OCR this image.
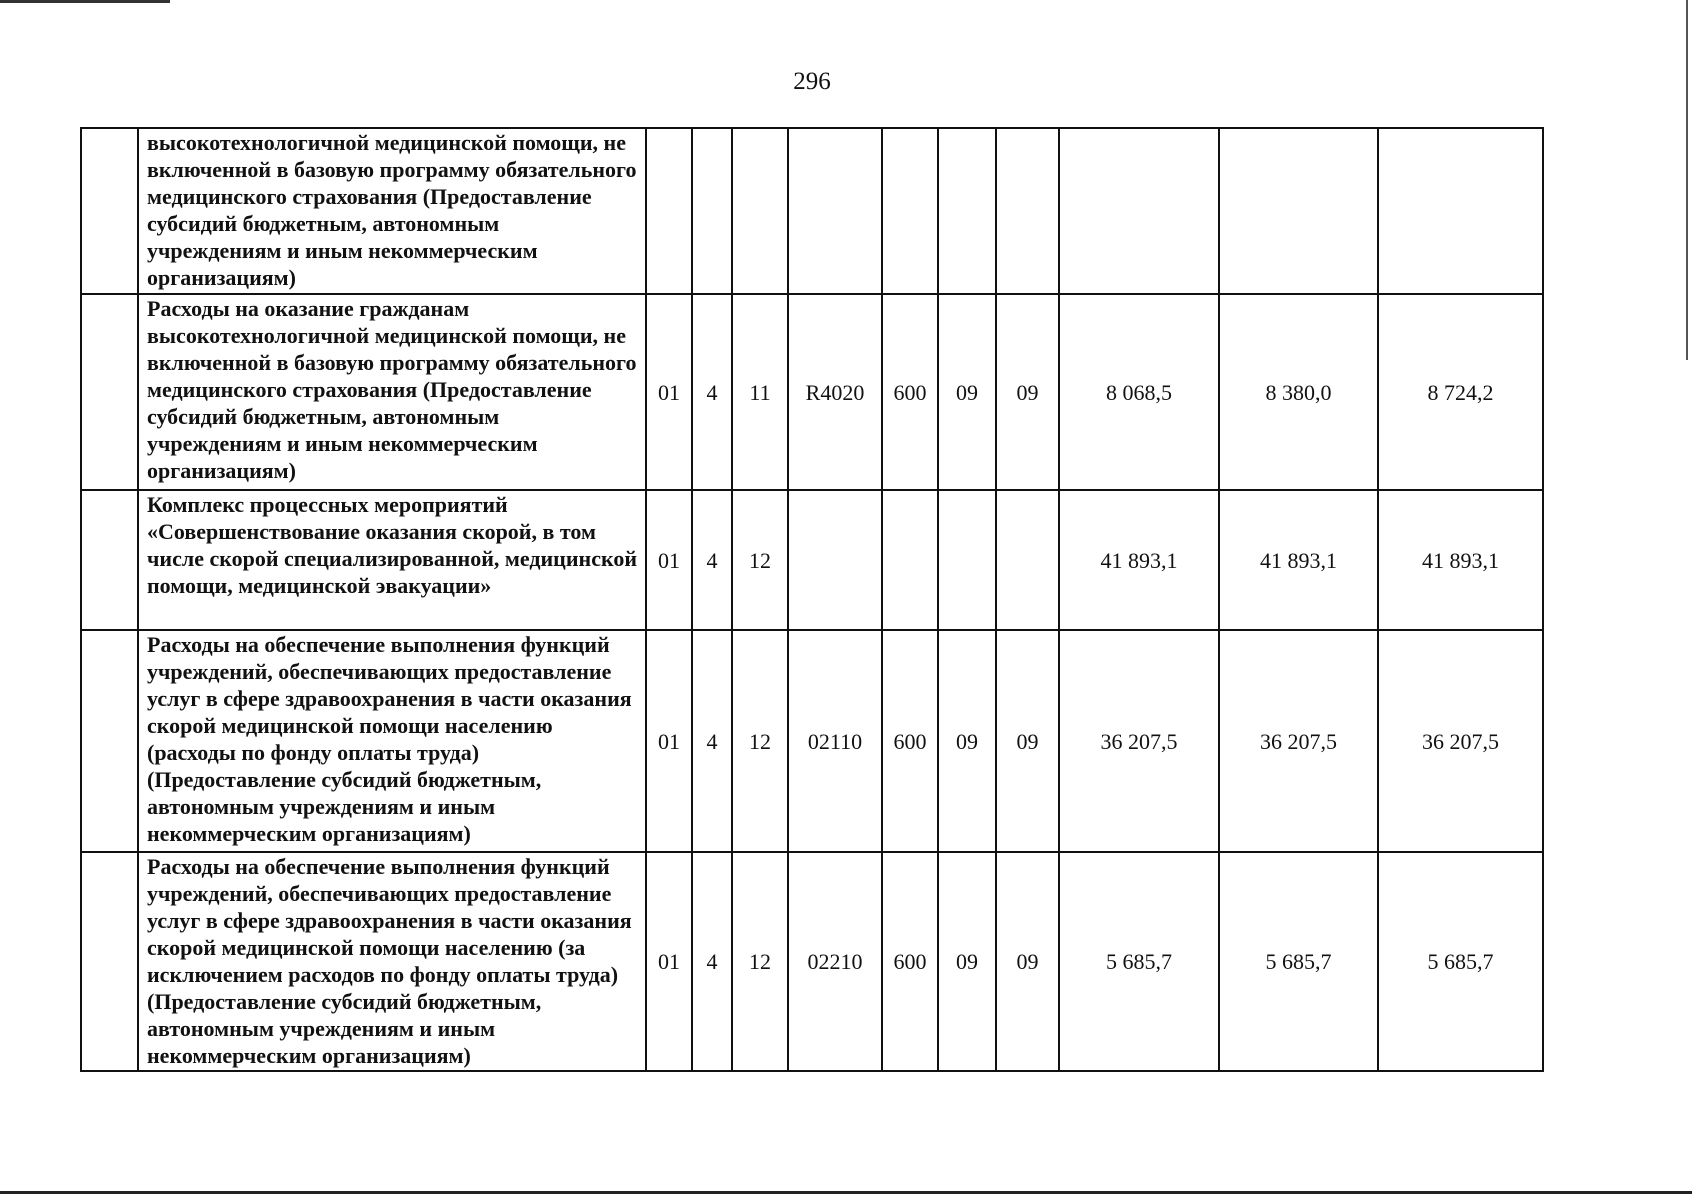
296
	высокотехнологичной медицинской помощи, не включенной в базовую программу обязательного медицинского страхования (Предоставление субсидий бюджетным, автономным учреждениям и иным некоммерческим организациям)										
	Расходы на оказание гражданам высокотехнологичной медицинской помощи, не включенной в базовую программу обязательного медицинского страхования (Предоставление субсидий бюджетным, автономным учреждениям и иным некоммерческим организациям)	01	4	11	R4020	600	09	09	8 068,5	8 380,0	8 724,2
	Комплекс процессных мероприятий «Совершенствование оказания скорой, в том числе скорой специализированной, медицинской помощи, медицинской эвакуации»	01	4	12					41 893,1	41 893,1	41 893,1
	Расходы на обеспечение выполнения функций учреждений, обеспечивающих предоставление услуг в сфере здравоохранения в части оказания скорой медицинской помощи населению (расходы по фонду оплаты труда) (Предоставление субсидий бюджетным, автономным учреждениям и иным некоммерческим организациям)	01	4	12	02110	600	09	09	36 207,5	36 207,5	36 207,5
	Расходы на обеспечение выполнения функций учреждений, обеспечивающих предоставление услуг в сфере здравоохранения в части оказания скорой медицинской помощи населению (за исключением расходов по фонду оплаты труда) (Предоставление субсидий бюджетным, автономным учреждениям и иным некоммерческим организациям)	01	4	12	02210	600	09	09	5 685,7	5 685,7	5 685,7
